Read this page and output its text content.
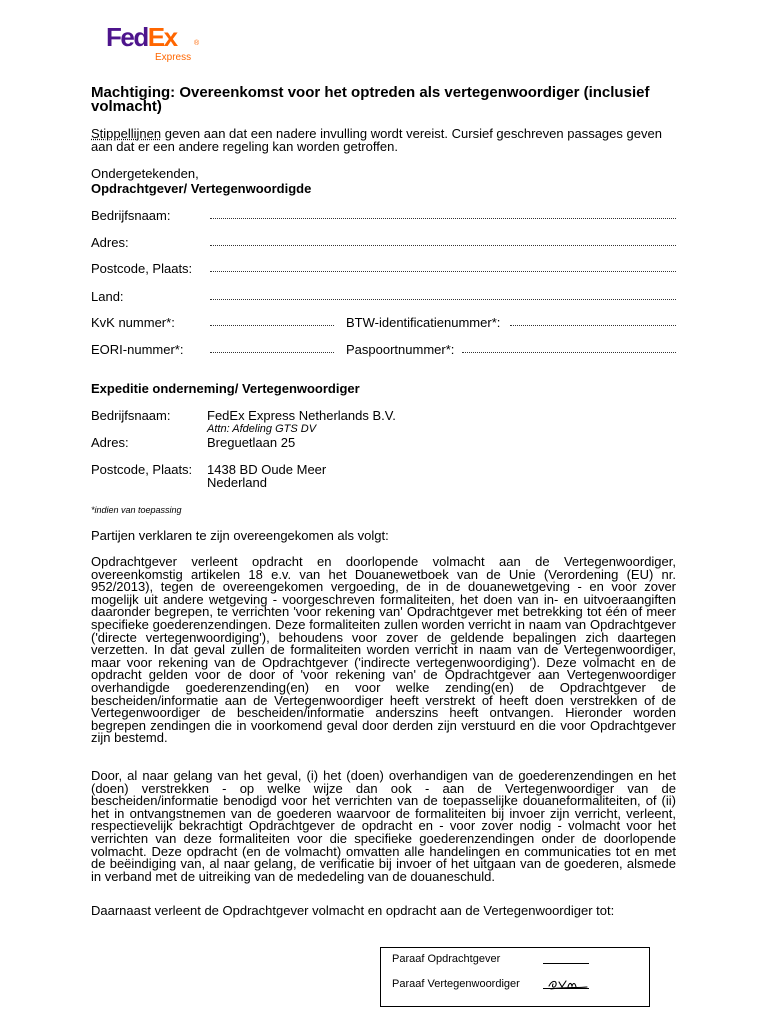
FedEx ®
Express
Machtiging: Overeenkomst voor het optreden als vertegenwoordiger (inclusief volmacht)
Stippellijnen geven aan dat een nadere invulling wordt vereist. Cursief geschreven passages geven aan dat er een andere regeling kan worden getroffen.
Ondergetekenden,
Opdrachtgever/ Vertegenwoordigde
Bedrijfsnaam:
Adres:
Postcode, Plaats:
Land:
KvK nummer*:	BTW-identificatienummer*:
EORI-nummer*:	Paspoortnummer*:
Expeditie onderneming/ Vertegenwoordiger
Bedrijfsnaam:	FedEx Express Netherlands B.V.
Attn: Afdeling GTS DV
Adres:	Breguetlaan 25
Postcode, Plaats: 1438 BD Oude Meer
Nederland
*indien van toepassing
Partijen verklaren te zijn overeengekomen als volgt:
Opdrachtgever verleent opdracht en doorlopende volmacht aan de Vertegenwoordiger, overeenkomstig artikelen 18 e.v. van het Douanewetboek van de Unie (Verordening (EU) nr. 952/2013), tegen de overeengekomen vergoeding, de in de douanewetgeving - en voor zover mogelijk uit andere wetgeving - voorgeschreven formaliteiten, het doen van in- en uitvoeraangiften daaronder begrepen, te verrichten 'voor rekening van' Opdrachtgever met betrekking tot één of meer specifieke goederenzendingen. Deze formaliteiten zullen worden verricht in naam van Opdrachtgever ('directe vertegenwoordiging'), behoudens voor zover de geldende bepalingen zich daartegen verzetten. In dat geval zullen de formaliteiten worden verricht in naam van de Vertegenwoordiger, maar voor rekening van de Opdrachtgever ('indirecte vertegenwoordiging'). Deze volmacht en de opdracht gelden voor de door of 'voor rekening van' de Opdrachtgever aan Vertegenwoordiger overhandigde goederenzending(en) en voor welke zending(en) de Opdrachtgever de bescheiden/informatie aan de Vertegenwoordiger heeft verstrekt of heeft doen verstrekken of de Vertegenwoordiger de bescheiden/informatie anderszins heeft ontvangen. Hieronder worden begrepen zendingen die in voorkomend geval door derden zijn verstuurd en die voor Opdrachtgever zijn bestemd.
Door, al naar gelang van het geval, (i) het (doen) overhandigen van de goederenzendingen en het (doen) verstrekken - op welke wijze dan ook - aan de Vertegenwoordiger van de bescheiden/informatie benodigd voor het verrichten van de toepasselijke douaneformaliteiten, of (ii) het in ontvangstnemen van de goederen waarvoor de formaliteiten bij invoer zijn verricht, verleent, respectievelijk bekrachtigt Opdrachtgever de opdracht en - voor zover nodig - volmacht voor het verrichten van deze formaliteiten voor die specifieke goederenzendingen onder de doorlopende volmacht. Deze opdracht (en de volmacht) omvatten alle handelingen en communicaties tot en met de beëindiging van, al naar gelang, de verificatie bij invoer of het uitgaan van de goederen, alsmede in verband met de uitreiking van de mededeling van de douaneschuld.
Daarnaast verleent de Opdrachtgever volmacht en opdracht aan de Vertegenwoordiger tot:
Paraaf Opdrachtgever
Paraaf Vertegenwoordiger
